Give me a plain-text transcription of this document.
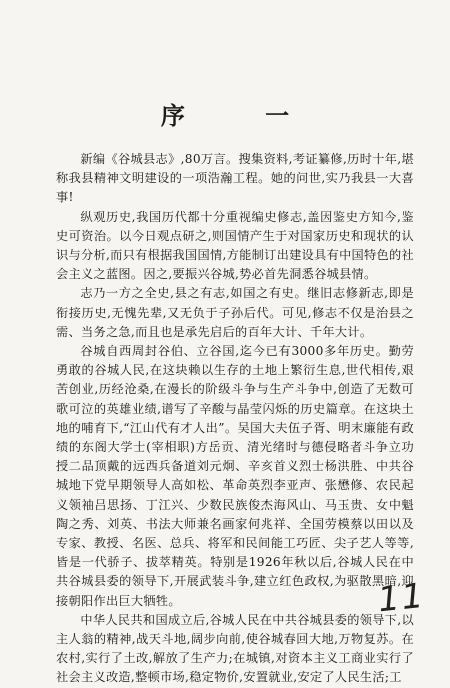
序 一

新编《谷城县志》,80万言。搜集资料,考证纂修,历时十年,堪称我县精神文明建设的一项浩瀚工程。她的问世,实乃我县一大喜事!

纵观历史,我国历代都十分重视编史修志,盖因鉴史方知今,鉴史可资治。以今日观点研之,则国情产生于对国家历史和现状的认识与分析,而只有根据我国国情,方能制订出建设具有中国特色的社会主义之蓝图。因之,要振兴谷城,势必首先洞悉谷城县情。

志乃一方之全史,县之有志,如国之有史。继旧志修新志,即是衔接历史,无愧先辈,又无负于子孙后代。可见,修志不仅是治县之需、当务之急,而且也是承先启后的百年大计、千年大计。

谷城自西周封谷伯、立谷国,迄今已有3000多年历史。勤劳勇敢的谷城人民,在这块赖以生存的土地上繁衍生息,世代相传,艰苦创业,历经沧桑,在漫长的阶级斗争与生产斗争中,创造了无数可歌可泣的英雄业绩,谱写了辛酸与晶莹闪烁的历史篇章。在这块土地的哺育下,“江山代有才人出”。吴国大夫伍子胥、明末廉能有政绩的东阁大学士(宰相职)方岳贡、清光绪时与德侵略者斗争立功授二品顶戴的远西兵备道刘元炯、辛亥首义烈士杨洪胜、中共谷城地下党早期领导人高如松、革命英烈李亚声、张懋修、农民起义领袖吕思扬、丁江兴、少数民族俊杰海风山、马玉贵、女中魁陶之秀、刘英、书法大师兼名画家何兆祥、全国劳模蔡以田以及专家、教授、名医、总兵、将军和民间能工巧匠、尖子艺人等等,皆是一代骄子、拔萃精英。特别是1926年秋以后,谷城人民在中共谷城县委的领导下,开展武装斗争,建立红色政权,为驱散黑暗,迎接朝阳作出巨大牺牲。

中华人民共和国成立后,谷城人民在中共谷城县委的领导下,以主人翁的精神,战天斗地,阔步向前,使谷城春回大地,万物复苏。在农村,实行了土改,解放了生产力;在城镇,对资本主义工商业实行了社会主义改造,整顿市场,稳定物价,安置就业,安定了人民生活;工

11
